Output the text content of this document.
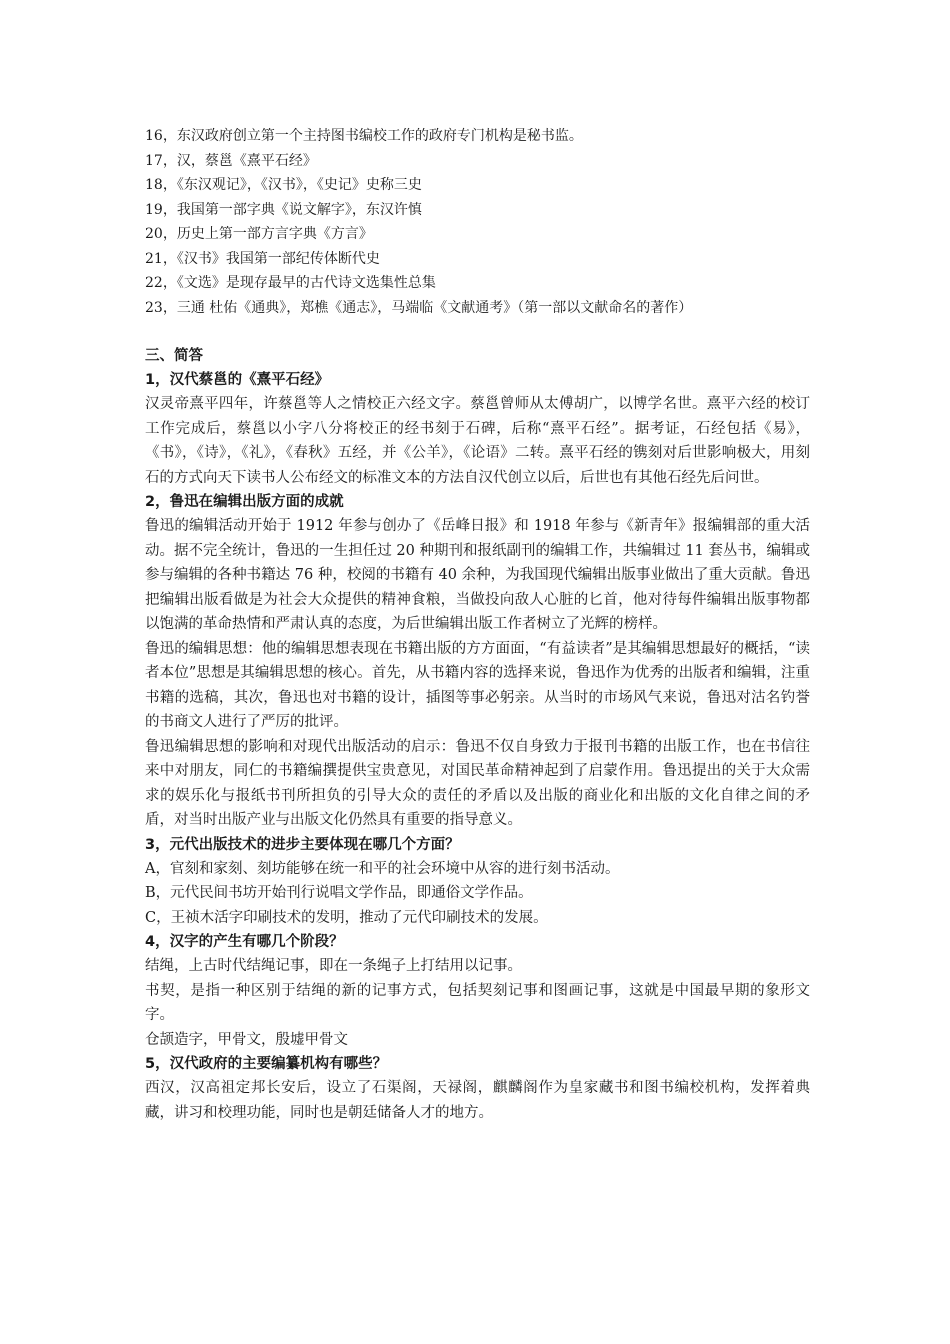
16，东汉政府创立第一个主持图书编校工作的政府专门机构是秘书监。
17，汉，蔡邕《熹平石经》
18，《东汉观记》，《汉书》，《史记》史称三史
19，我国第一部字典《说文解字》，东汉许慎
20，历史上第一部方言字典《方言》
21，《汉书》我国第一部纪传体断代史
22，《文选》是现存最早的古代诗文选集性总集
23，三通 杜佑《通典》，郑樵《通志》，马端临《文献通考》（第一部以文献命名的著作）
三、简答
1，汉代蔡邕的《熹平石经》

汉灵帝熹平四年，许蔡邕等人之情校正六经文字。蔡邕曾师从太傅胡广，以博学名世。熹平六经的校订工作完成后，蔡邕以小字八分将校正的经书刻于石碑，后称“熹平石经”。据考证，石经包括《易》，《书》，《诗》，《礼》，《春秋》五经，并《公羊》，《论语》二转。熹平石经的镌刻对后世影响极大，用刻石的方式向天下读书人公布经文的标准文本的方法自汉代创立以后，后世也有其他石经先后问世。

2，鲁迅在编辑出版方面的成就

鲁迅的编辑活动开始于 1912 年参与创办了《岳峰日报》和 1918 年参与《新青年》报编辑部的重大活动。据不完全统计，鲁迅的一生担任过 20 种期刊和报纸副刊的编辑工作，共编辑过 11 套丛书，编辑或参与编辑的各种书籍达 76 种，校阅的书籍有 40 余种，为我国现代编辑出版事业做出了重大贡献。鲁迅把编辑出版看做是为社会大众提供的精神食粮，当做投向敌人心脏的匕首，他对待每件编辑出版事物都以饱满的革命热情和严肃认真的态度，为后世编辑出版工作者树立了光辉的榜样。

鲁迅的编辑思想：他的编辑思想表现在书籍出版的方方面面，“有益读者”是其编辑思想最好的概括，“读者本位”思想是其编辑思想的核心。首先，从书籍内容的选择来说，鲁迅作为优秀的出版者和编辑，注重书籍的选稿，其次，鲁迅也对书籍的设计，插图等事必躬亲。从当时的市场风气来说，鲁迅对沽名钓誉的书商文人进行了严厉的批评。

鲁迅编辑思想的影响和对现代出版活动的启示：鲁迅不仅自身致力于报刊书籍的出版工作，也在书信往来中对朋友，同仁的书籍编撰提供宝贵意见，对国民革命精神起到了启蒙作用。鲁迅提出的关于大众需求的娱乐化与报纸书刊所担负的引导大众的责任的矛盾以及出版的商业化和出版的文化自律之间的矛盾，对当时出版产业与出版文化仍然具有重要的指导意义。

3，元代出版技术的进步主要体现在哪几个方面？

A，官刻和家刻、刻坊能够在统一和平的社会环境中从容的进行刻书活动。

B，元代民间书坊开始刊行说唱文学作品，即通俗文学作品。

C，王祯木活字印刷技术的发明，推动了元代印刷技术的发展。

4，汉字的产生有哪几个阶段？

结绳，上古时代结绳记事，即在一条绳子上打结用以记事。

书契，是指一种区别于结绳的新的记事方式，包括契刻记事和图画记事，这就是中国最早期的象形文字。

仓颉造字，甲骨文，殷墟甲骨文

5，汉代政府的主要编纂机构有哪些？

西汉，汉高祖定邦长安后，设立了石渠阁，天禄阁，麒麟阁作为皇家藏书和图书编校机构，发挥着典藏，讲习和校理功能，同时也是朝廷储备人才的地方。
